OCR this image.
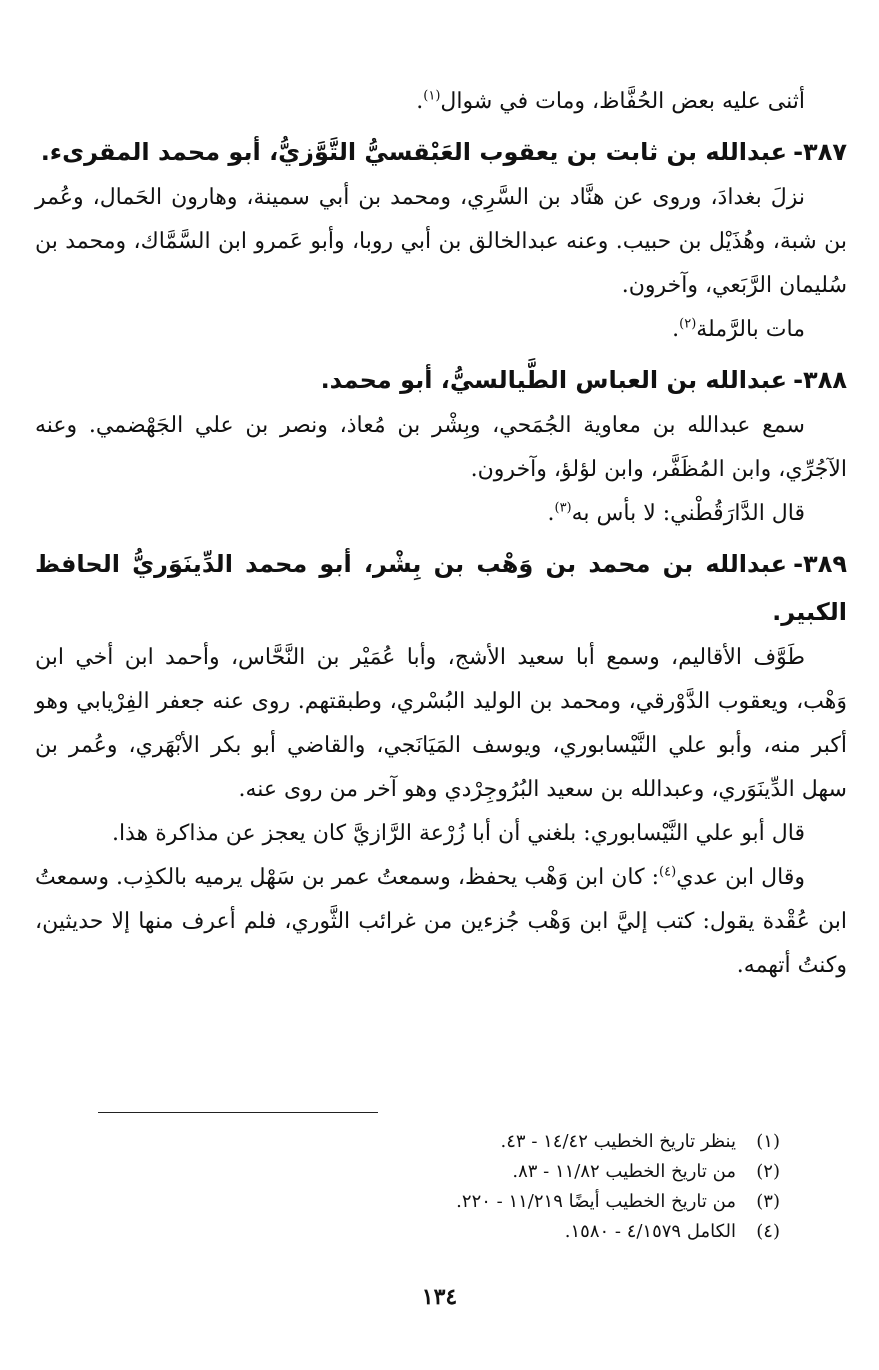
أثنى عليه بعض الحُفَّاظ، ومات في شوال$^{(١)}$.

٣٨٧-عبدالله بن ثابت بن يعقوب العَبْقسيُّ التَّوَّزيُّ، أبو محمد المقرىء.

نزلَ بغدادَ، وروى عن هنَّاد بن السَّرِي، ومحمد بن أبي سمينة، وهارون الحَمال، وعُمر بن شبة، وهُذَيْل بن حبيب. وعنه عبدالخالق بن أبي روبا، وأبو عَمرو ابن السَّمَّاك، ومحمد بن سُليمان الرَّبَعي، وآخرون.

مات بالرَّملة$^{(٢)}$.

٣٨٨-عبدالله بن العباس الطَّيالسيُّ، أبو محمد.

سمع عبدالله بن معاوية الجُمَحي، وبِشْر بن مُعاذ، ونصر بن علي الجَهْضمي. وعنه الآجُرِّي، وابن المُظَفَّر، وابن لؤلؤ، وآخرون.

قال الدَّارَقُطْني: لا بأس به$^{(٣)}$.

٣٨٩-عبدالله بن محمد بن وَهْب بن بِشْر، أبو محمد الدِّينَوَريُّ الحافظ الكبير.

طَوَّف الأقاليم، وسمع أبا سعيد الأشج، وأبا عُمَيْر بن النَّحَّاس، وأحمد ابن أخي ابن وَهْب، ويعقوب الدَّوْرقي، ومحمد بن الوليد البُسْري، وطبقتهم. روى عنه جعفر الفِرْيابي وهو أكبر منه، وأبو علي النَّيْسابوري، ويوسف المَيَانَجي، والقاضي أبو بكر الأبْهَري، وعُمر بن سهل الدِّينَوَري، وعبدالله بن سعيد البُرُوجِرْدي وهو آخر من روى عنه.

قال أبو علي النَّيْسابوري: بلغني أن أبا زُرْعة الرَّازيَّ كان يعجز عن مذاكرة هذا.

وقال ابن عدي$^{(٤)}$: كان ابن وَهْب يحفظ، وسمعتُ عمر بن سَهْل يرميه بالكذِب. وسمعتُ ابن عُقْدة يقول: كتب إليَّ ابن وَهْب جُزءين من غرائب الثَّوري، فلم أعرف منها إلا حديثين، وكنتُ أتهمه.

(١)ينظر تاريخ الخطيب ١٤/٤٢ - ٤٣.

(٢)من تاريخ الخطيب ١١/٨٢ - ٨٣.

(٣)من تاريخ الخطيب أيضًا ١١/٢١٩ - ٢٢٠.

(٤)الكامل ٤/١٥٧٩ - ١٥٨٠.

١٣٤
